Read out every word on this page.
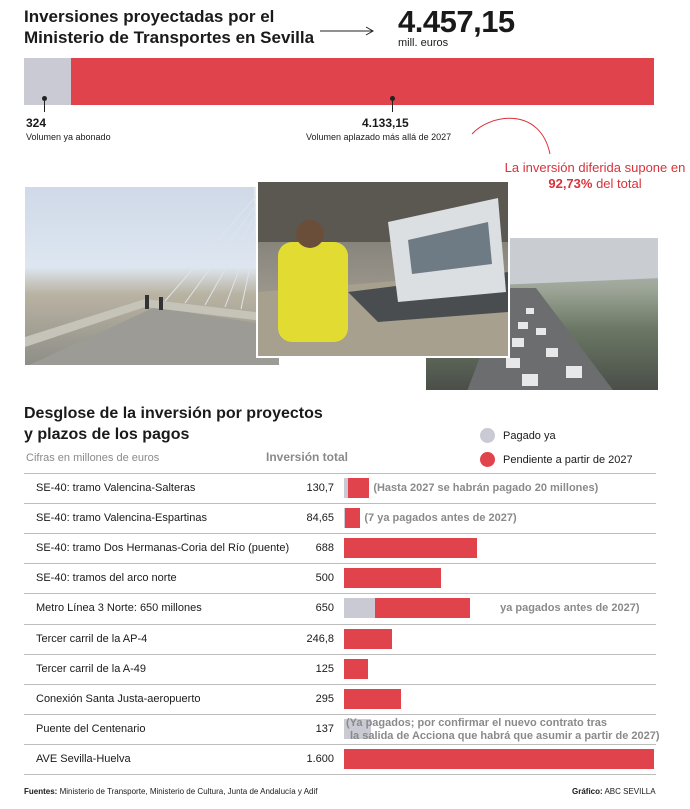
Inversiones proyectadas por el Ministerio de Transportes en Sevilla	4.457,15
mill. euros
324
Volumen ya abonado
4.133,15
Volumen aplazado más allá de 2027
La inversión diferida supone en
92,73% del total
Desglose de la inversión por proyectos y plazos de los pagos
Cifras en millones de euros	Inversión total
Pagado ya
Pendiente a partir de 2027
SE-40: tramo Valencina-Salteras	130,7	(Hasta 2027 se habrán pagado 20 millones)
SE-40: tramo Valencina-Espartinas	84,65	(7 ya pagados antes de 2027)
SE-40: tramo Dos Hermanas-Coria del Río (puente)	688
SE-40: tramos del arco norte	500
Metro Línea 3 Norte: 650 millones	650	(160 ya pagados antes de 2027)
Tercer carril de la AP-4	246,8
Tercer carril de la A-49	125
Conexión Santa Justa-aeropuerto	295
Puente del Centenario	137 (Ya pagados; por confirmar el nuevo contrato tras
la salida de Acciona que habrá que asumir a partir de 2027)
AVE Sevilla-Huelva	1.600
Fuentes: Ministerio de Transporte, Ministerio de Cultura, Junta de Andalucía y Adif	Gráfico: ABC SEVILLA
